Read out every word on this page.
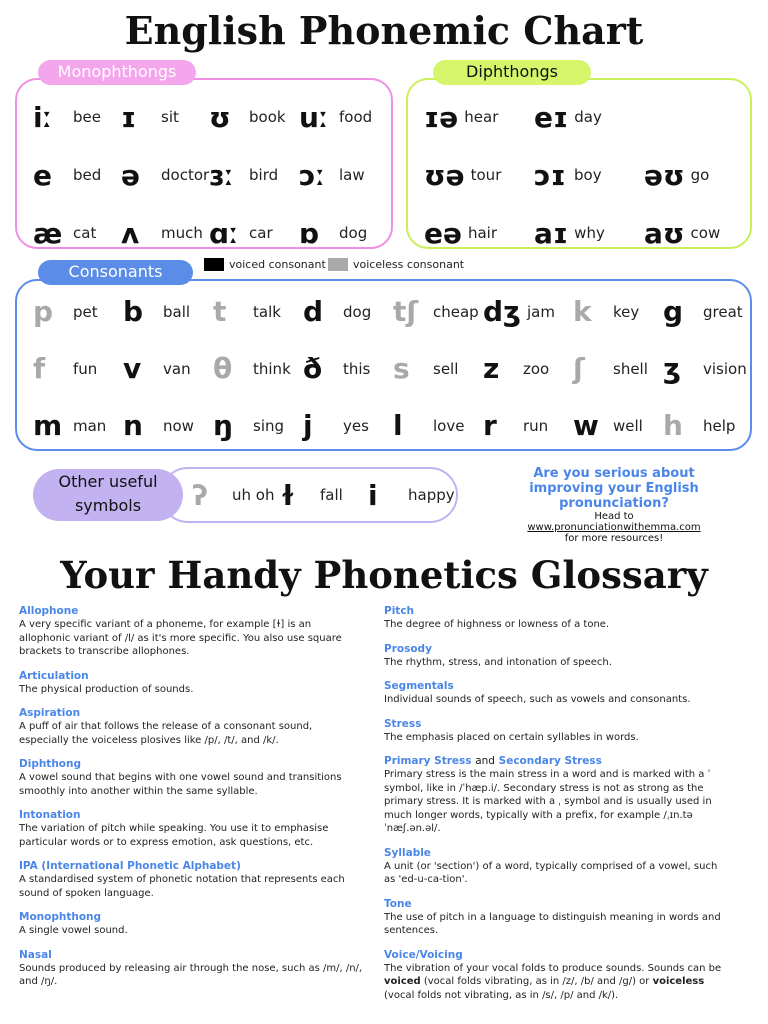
English Phonemic Chart
iː	bee ɪ	sit ʊ	book uː food
e	bed ə	doctor ɜː	bird ɔː law
æ cat ʌ	much ɑː car ɒ	dog
Monophthongs
ɪə hear eɪ day
ʊə tour ɔɪ boy əʊ go
eə hair aɪ why aʊ cow
Diphthongs
voiced consonant voiceless consonant
p	pet b	ball t	talk d	dog tʃ cheap dʒ jam k	key g	great
f	fun v	van θ	think ð	this s	sell z	zoo ʃ	shell ʒ	vision
m man n	now ŋ	sing j	yes l	love r	run w well h	help
Consonants
ʔ	uh oh ɫ	fall i	happy
Other useful symbols
Are you serious about improving your English pronunciation?
Head to
www.pronunciationwithemma.com
for more resources!
Your Handy Phonetics Glossary
Allophone
A very specific variant of a phoneme, for example [ɫ] is an allophonic variant of /l/ as it's more specific. You also use square brackets to transcribe allophones.
Articulation
The physical production of sounds.
Aspiration
A puff of air that follows the release of a consonant sound, especially the voiceless plosives like /p/, /t/, and /k/.
Diphthong
A vowel sound that begins with one vowel sound and transitions smoothly into another within the same syllable.
Intonation
The variation of pitch while speaking. You use it to emphasise particular words or to express emotion, ask questions, etc.
IPA (International Phonetic Alphabet)
A standardised system of phonetic notation that represents each sound of spoken language.
Monophthong
A single vowel sound.
Nasal
Sounds produced by releasing air through the nose, such as /m/, /n/, and /ŋ/.
Pitch
The degree of highness or lowness of a tone.
Prosody
The rhythm, stress, and intonation of speech.
Segmentals
Individual sounds of speech, such as vowels and consonants.
Stress
The emphasis placed on certain syllables in words.
Primary Stress and Secondary Stress
Primary stress is the main stress in a word and is marked with a ˈ symbol, like in /ˈhæp.i/. Secondary stress is not as strong as the primary stress. It is marked with a ˌ symbol and is usually used in much longer words, typically with a prefix, for example /ˌɪn.təˈnæʃ.ən.əl/.
Syllable
A unit (or 'section') of a word, typically comprised of a vowel, such as 'ed-u-ca-tion'.
Tone
The use of pitch in a language to distinguish meaning in words and sentences.
Voice/Voicing
The vibration of your vocal folds to produce sounds. Sounds can be voiced (vocal folds vibrating, as in /z/, /b/ and /g/) or voiceless (vocal folds not vibrating, as in /s/, /p/ and /k/).
